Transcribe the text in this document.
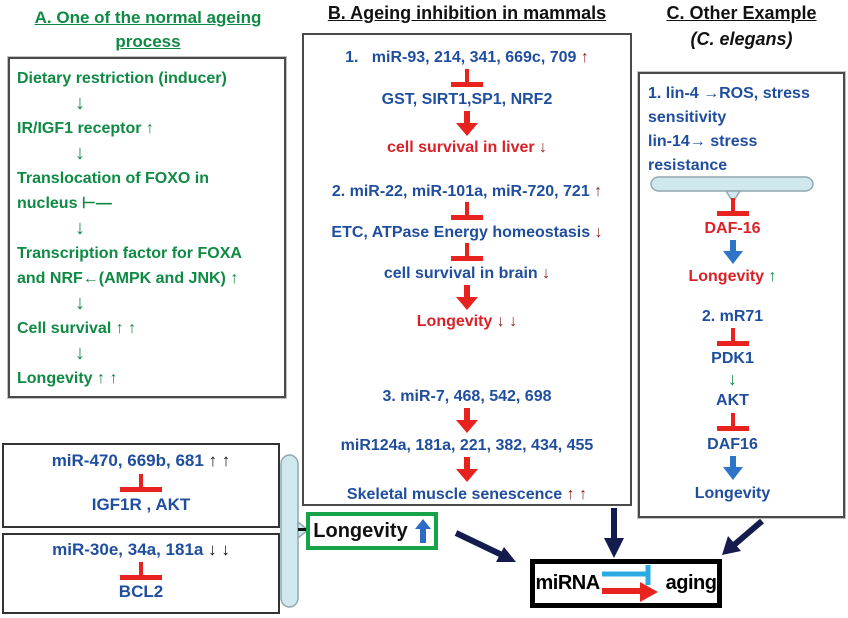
A. One of the normal ageing
process
Dietary restriction (inducer)
↓
IR/IGF1 receptor ↑
↓
Translocation of FOXO in
nucleus ⊢—
↓
Transcription factor for FOXA
and NRF←(AMPK and JNK) ↑
↓
Cell survival ↑ ↑
↓
Longevity ↑ ↑
miR-470, 669b, 681 ↑ ↑
IGF1R , AKT
miR-30e, 34a, 181a ↓ ↓
BCL2
B. Ageing inhibition in mammals
1.   miR-93, 214, 341, 669c, 709 ↑
GST, SIRT1,SP1, NRF2
cell survival in liver ↓
2. miR-22, miR-101a, miR-720, 721 ↑
ETC, ATPase Energy homeostasis ↓
cell survival in brain ↓
Longevity ↓ ↓
3. miR-7, 468, 542, 698
miR124a, 181a, 221, 382, 434, 455
Skeletal muscle senescence ↑ ↑
Longevity
C. Other Example
(C. elegans)
1. lin-4 →ROS, stress
sensitivity
lin-14→ stress
resistance
DAF-16
Longevity ↑
2. mR71
PDK1
↓
AKT
DAF16
Longevity
miRNA	aging
